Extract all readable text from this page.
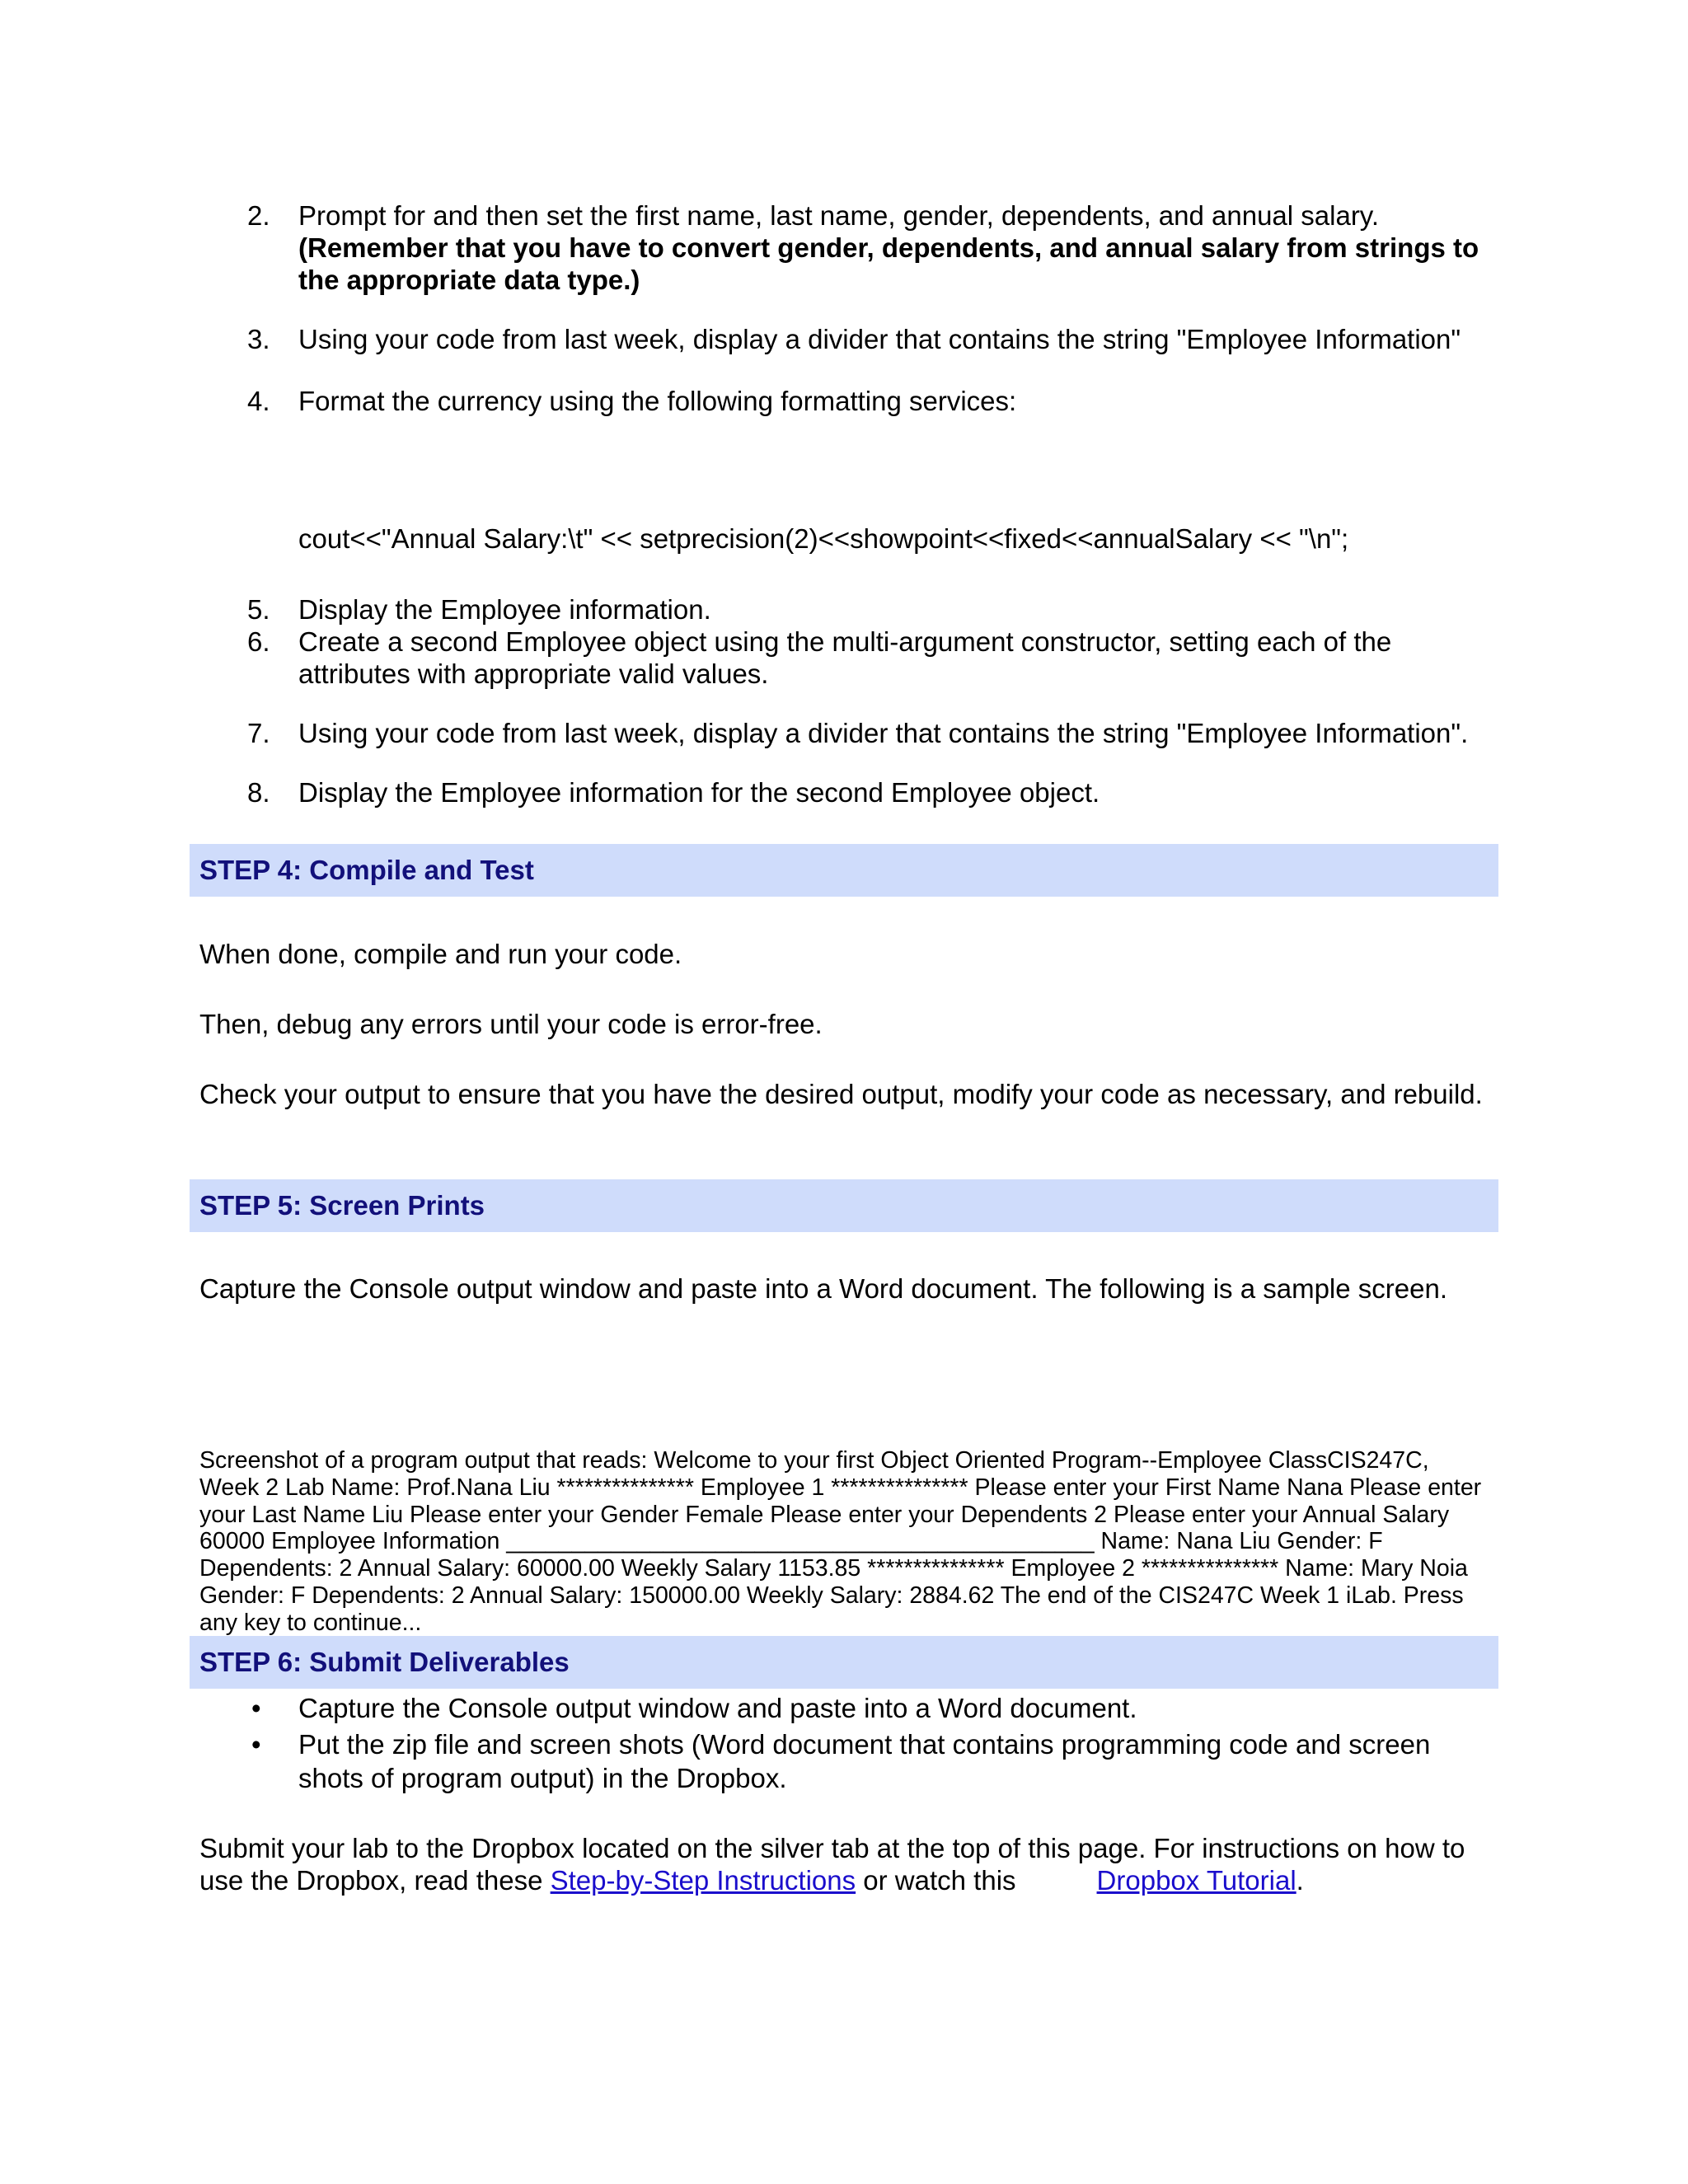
2. Prompt for and then set the first name, last name, gender, dependents, and annual salary. (Remember that you have to convert gender, dependents, and annual salary from strings to the appropriate data type.)
3. Using your code from last week, display a divider that contains the string "Employee Information"
4. Format the currency using the following formatting services:
cout<<"Annual Salary:\t" << setprecision(2)<<showpoint<<fixed<<annualSalary << "\n";
5. Display the Employee information.
6. Create a second Employee object using the multi-argument constructor, setting each of the attributes with appropriate valid values.
7. Using your code from last week, display a divider that contains the string "Employee Information".
8. Display the Employee information for the second Employee object.
STEP 4: Compile and Test

When done, compile and run your code.

Then, debug any errors until your code is error-free.

Check your output to ensure that you have the desired output, modify your code as necessary, and rebuild.

STEP 5: Screen Prints

Capture the Console output window and paste into a Word document. The following is a sample screen.

Screenshot of a program output that reads: Welcome to your first Object Oriented Program--Employee ClassCIS247C, Week 2 Lab Name: Prof.Nana Liu *************** Employee 1 *************** Please enter your First Name Nana Please enter your Last Name Liu Please enter your Gender Female Please enter your Dependents 2 Please enter your Annual Salary 60000 Employee Information _____________________________________________ Name: Nana Liu Gender: F Dependents: 2 Annual Salary: 60000.00 Weekly Salary 1153.85 *************** Employee 2 *************** Name: Mary Noia Gender: F Dependents: 2 Annual Salary: 150000.00 Weekly Salary: 2884.62 The end of the CIS247C Week 1 iLab. Press any key to continue...

STEP 6: Submit Deliverables
• Capture the Console output window and paste into a Word document.
• Put the zip file and screen shots (Word document that contains programming code and screen shots of program output) in the Dropbox.

Submit your lab to the Dropbox located on the silver tab at the top of this page. For instructions on how to use the Dropbox, read these Step-by-Step Instructions or watch this	Dropbox Tutorial.
